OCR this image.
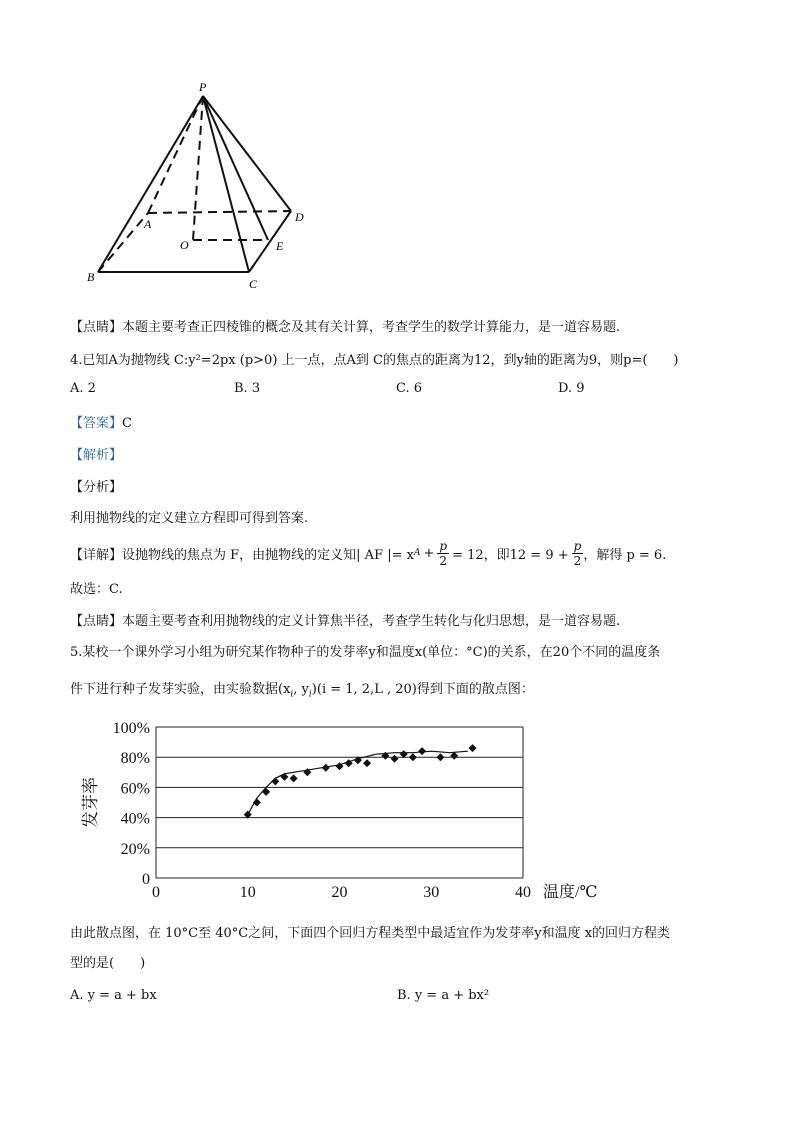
P
A
B	C
D
E
O
【点睛】本题主要考查正四棱锥的概念及其有关计算，考查学生的数学计算能力，是一道容易题.
4.已知A为抛物线 C:y²=2px (p>0) 上一点，点A到 C的焦点的距离为12，到y轴的距离为9，则p=(　　)
A. 2	B. 3	C. 6	D. 9
【答案】C
【解析】
【分析】
利用抛物线的定义建立方程即可得到答案.
【详解】 设抛物线的焦点为 F，由抛物线的定义知| AF |= x $A + \frac{p}{2} = 12$，即$12 = 9 + \frac{p}{2}$ ，解得 p = 6.
故选：C.
【点睛】本题主要考查利用抛物线的定义计算焦半径，考查学生转化与化归思想，是一道容易题.
5.某校一个课外学习小组为研究某作物种子的发芽率y和温度x(单位：°C)的关系，在20个不同的温度条
件下进行种子发芽实验，由实验数据($x_i$, $y_i)(i = 1$, 2,L , 20)得到下面的散点图：
0
20%
40%
60%
80%
100%
0	10	20	30	40 温度/℃
发芽率
由此散点图，在 10°C至 40°C之间，下面四个回归方程类型中最适宜作为发芽率y和温度 x的回归方程类
型的是(　　)
A. y = a + bx	B. y = a + bx²
